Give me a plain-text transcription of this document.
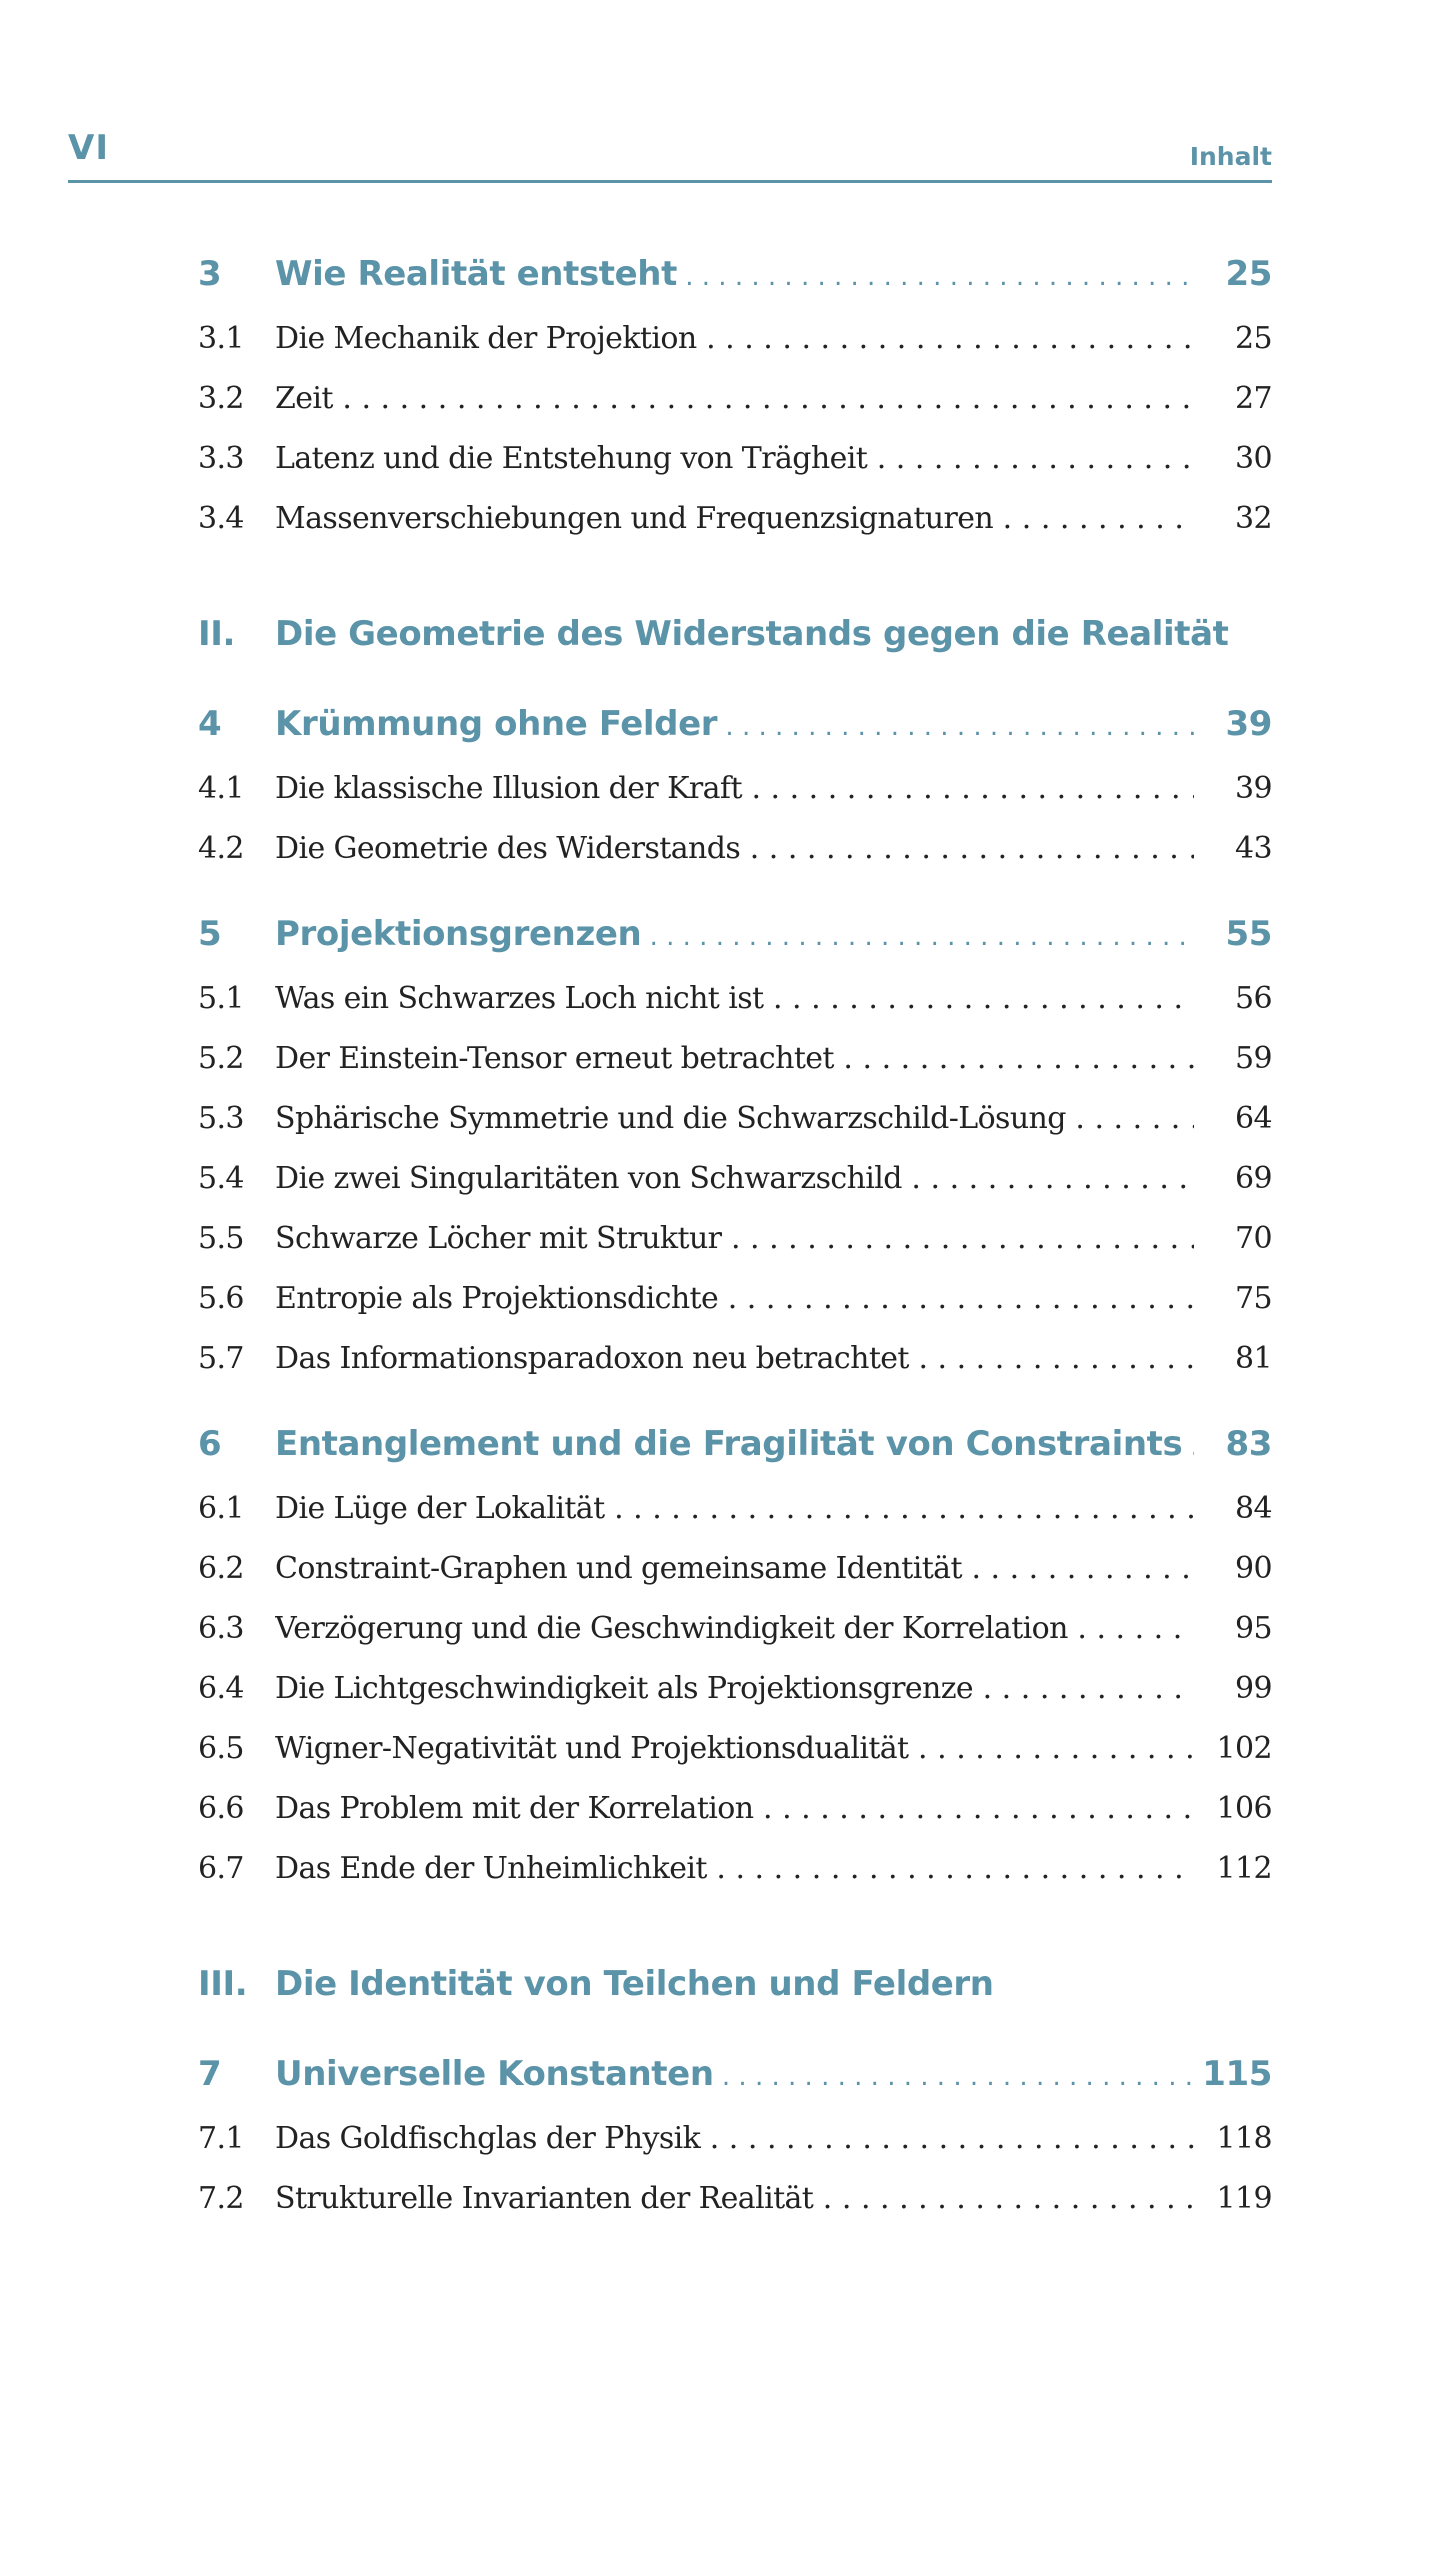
VI	Inhalt
3 Wie Realität entsteht . . .	25
3.1 Die Mechanik der Projektion . . .	25
3.2 Zeit . . .	27
3.3 Latenz und die Entstehung von Trägheit . . .	30
3.4 Massenverschiebungen und Frequenzsignaturen . . .	32
II. Die Geometrie des Widerstands gegen die Realität
4 Krümmung ohne Felder . . .	39
4.1 Die klassische Illusion der Kraft . . .	39
4.2 Die Geometrie des Widerstands . . .	43
5 Projektionsgrenzen . . .	55
5.1 Was ein Schwarzes Loch nicht ist . . .	56
5.2 Der Einstein-Tensor erneut betrachtet . . .	59
5.3 Sphärische Symmetrie und die Schwarzschild-Lösung . . .	64
5.4 Die zwei Singularitäten von Schwarzschild . . .	69
5.5 Schwarze Löcher mit Struktur . . .	70
5.6 Entropie als Projektionsdichte . . .	75
5.7 Das Informationsparadoxon neu betrachtet . . .	81
6 Entanglement und die Fragilität von Constraints . . .	83
6.1 Die Lüge der Lokalität . . .	84
6.2 Constraint-Graphen und gemeinsame Identität . . .	90
6.3 Verzögerung und die Geschwindigkeit der Korrelation . . .	95
6.4 Die Lichtgeschwindigkeit als Projektionsgrenze . . .	99
6.5 Wigner-Negativität und Projektionsdualität . . .	102
6.6 Das Problem mit der Korrelation . . .	106
6.7 Das Ende der Unheimlichkeit . . .	112
III. Die Identität von Teilchen und Feldern
7 Universelle Konstanten . . .	115
7.1 Das Goldfischglas der Physik . . .	118
7.2 Strukturelle Invarianten der Realität . . .	119
